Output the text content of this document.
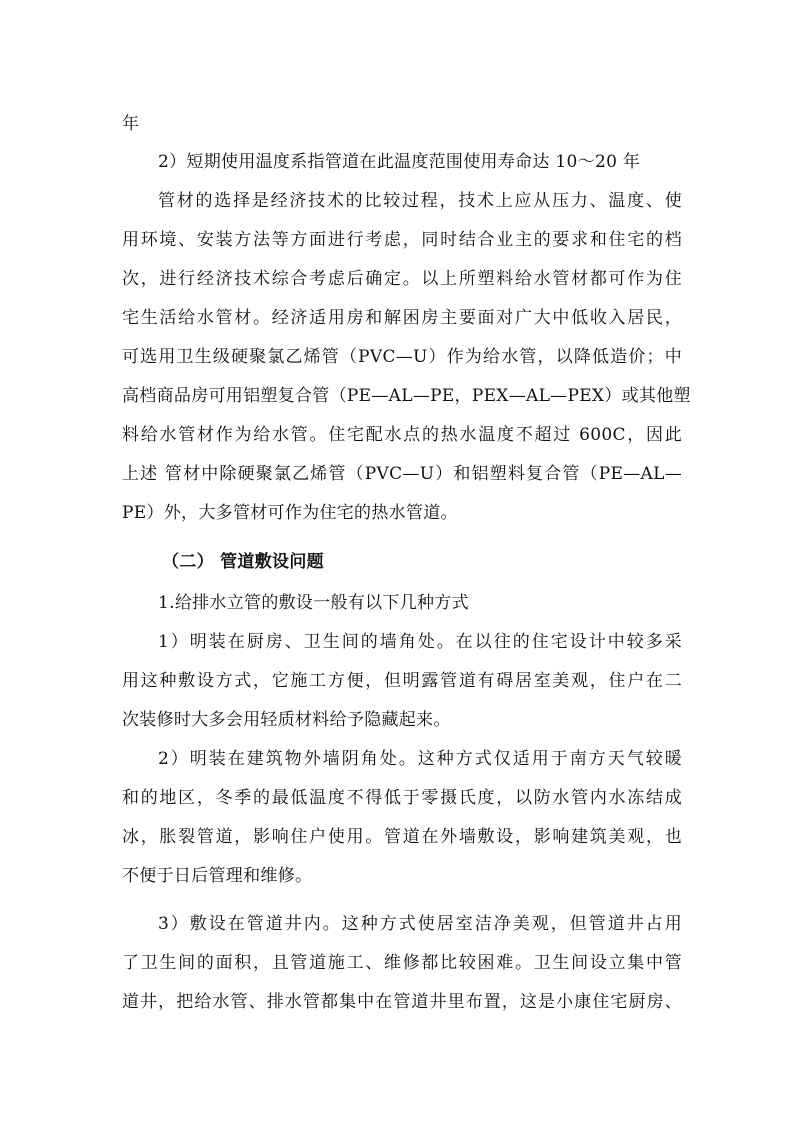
年
2）短期使用温度系指管道在此温度范围使用寿命达 10～20 年
管材的选择是经济技术的比较过程，技术上应从压力、温度、使
用环境、安装方法等方面进行考虑，同时结合业主的要求和住宅的档
次，进行经济技术综合考虑后确定。以上所塑料给水管材都可作为住
宅生活给水管材。经济适用房和解困房主要面对广大中低收入居民，
可选用卫生级硬聚氯乙烯管（PVC—U）作为给水管，以降低造价；中
高档商品房可用铝塑复合管（PE—AL—PE，PEX—AL—PEX）或其他塑
料给水管材作为给水管。住宅配水点的热水温度不超过 600C，因此
上述 管材中除硬聚氯乙烯管（PVC—U）和铝塑料复合管（PE—AL—
PE）外，大多管材可作为住宅的热水管道。
（二） 管道敷设问题
1.给排水立管的敷设一般有以下几种方式
1）明装在厨房、卫生间的墙角处。在以往的住宅设计中较多采
用这种敷设方式，它施工方便，但明露管道有碍居室美观，住户在二
次装修时大多会用轻质材料给予隐藏起来。
2）明装在建筑物外墙阴角处。这种方式仅适用于南方天气较暖
和的地区，冬季的最低温度不得低于零摄氏度，以防水管内水冻结成
冰，胀裂管道，影响住户使用。管道在外墙敷设，影响建筑美观，也
不便于日后管理和维修。
3）敷设在管道井内。这种方式使居室洁净美观，但管道井占用
了卫生间的面积，且管道施工、维修都比较困难。卫生间设立集中管
道井，把给水管、排水管都集中在管道井里布置，这是小康住宅厨房、
